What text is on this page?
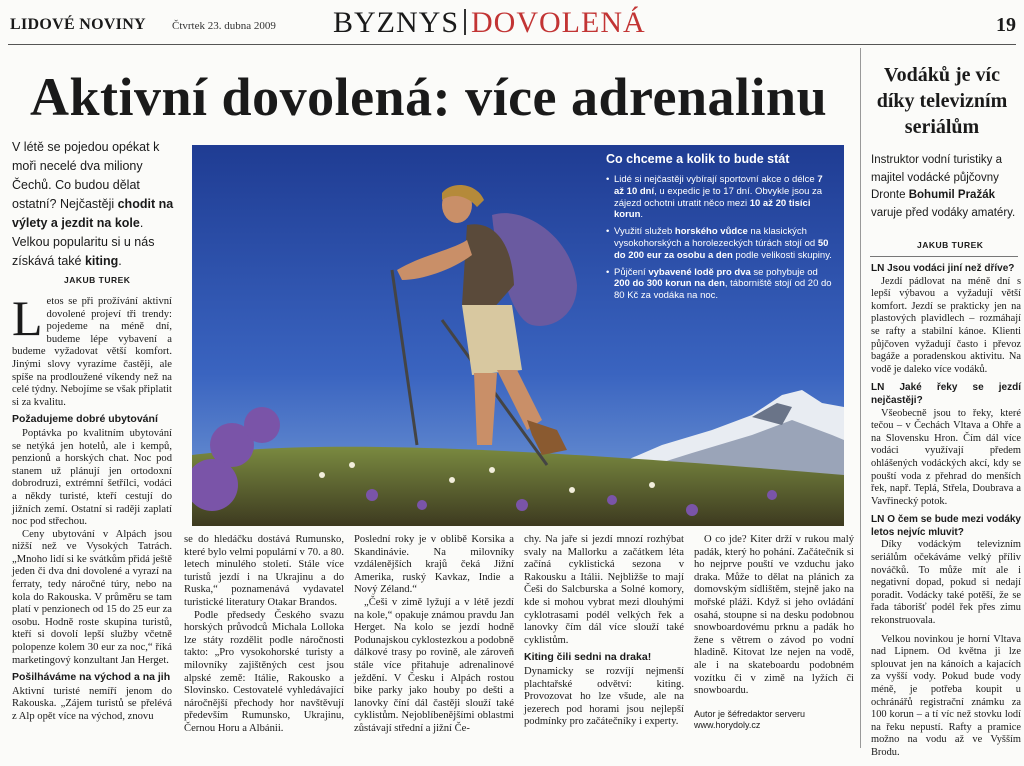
LIDOVÉ NOVINY Čtvrtek 23. dubna 2009 BYZNYS DOVOLENÁ	19
Aktivní dovolená: více adrenalinu
V létě se pojedou opékat k moři necelé dva miliony Čechů. Co budou dělat ostatní? Nejčastěji chodit na výlety a jezdit na kole. Velkou popularitu si u nás získává také kiting.
JAKUB TUREK

Letos se při prožívání aktivní dovolené projeví tři trendy: pojedeme na méně dní, budeme lépe vybavení a budeme vyžadovat větší komfort. Jinými slovy vyrazíme častěji, ale spíše na prodloužené víkendy než na celé týdny. Nebojíme se však připlatit si za kvalitu.

Požadujeme dobré ubytování

Poptávka po kvalitním ubytování se netýká jen hotelů, ale i kempů, penzionů a horských chat. Noc pod stanem už plánují jen ortodoxní dobrodruzi, extrémní šetřílci, vodáci a někdy turisté, kteří cestují do jižních zemí. Ostatní si raději zaplatí noc pod střechou.

Ceny ubytování v Alpách jsou nižší než ve Vysokých Tatrách. „Mnoho lidí si ke svátkům přidá ještě jeden či dva dni dovolené a vyrazí na ferraty, tedy náročné túry, nebo na kola do Rakouska. V průměru se tam platí v penzionech od 15 do 25 eur za osobu. Hodně roste skupina turistů, kteří si dovolí lepší služby včetně polopenze kolem 30 eur za noc,“ říká marketingový konzultant Jan Herget.

Pošilháváme na východ a na jih

Aktivní turisté nemíří jenom do Rakouska. „Zájem turistů se přelévá z Alp opět více na východ, znovu

Co chceme a kolik to bude stát
• Lidé si nejčastěji vybírají sportovní akce o délce 7 až 10 dní, u expedic je to 17 dní. Obvykle jsou za zájezd ochotni utratit něco mezi 10 až 20 tisíci korun.
• Využití služeb horského vůdce na klasických vysokohorských a horolezeckých túrách stojí od 50 do 200 eur za osobu a den podle velikosti skupiny.
• Půjčení vybavené lodě pro dva se pohybuje od 200 do 300 korun na den, táborniště stojí od 20 do 80 Kč za vodáka na noc.

se do hledáčku dostává Rumunsko, které bylo velmi populární v 70. a 80. letech minulého století. Stále více turistů jezdí i na Ukrajinu a do Ruska,“ poznamenává vydavatel turistické literatury Otakar Brandos.

Podle předsedy Českého svazu horských průvodců Michala Lollokа lze státy rozdělit podle náročnosti takto: „Pro vysokohorské turisty a milovníky zajištěných cest jsou alpské země: Itálie, Rakousko a Slovinsko. Cestovatelé vyhledávající náročnější přechody hor navštěvují především Rumunsko, Ukrajinu, Černou Horu a Albánii.

Poslední roky je v oblibě Korsika a Skandinávie. Na milovníky vzdálenějších krajů čeká Jižní Amerika, ruský Kavkaz, Indie a Nový Zéland.“

„Češi v zimě lyžují a v létě jezdí na kole,“ opakuje známou pravdu Jan Herget. Na kolo se jezdí hodně Podunajskou cyklostezkou a podobně dálkové trasy po rovině, ale zároveň stále více přitahuje adrenalinové ježdění. V Česku i Alpách rostou bike parky jako houby po dešti a lanovky číní dál častěji slouží také cyklistům. Nejoblíbenějšími oblastmi zůstávají střední a jižní Če-

chy. Na jaře si jezdí mnozí rozhýbat svaly na Mallorku a začátkem léta začíná cyklistická sezona v Rakousku a Itálii. Nejbližše to mají Češi do Salcburska a Solné komory, kde si mohou vybrat mezi dlouhými cyklotrasami podél velkých řek a lanovky čím dál více slouží také cyklistům.

Kiting čili sedni na draka!

Dynamicky se rozvíjí nejmenší plachtařské odvětví: kiting. Provozovat ho lze všude, ale na jezerech pod horami jsou nejlepší podmínky pro začátečníky i experty.

O co jde? Kiter drží v rukou malý padák, který ho pohání. Začátečník si ho nejprve pouští ve vzduchu jako draka. Může to dělat na plánich za domovským sídlištěm, stejně jako na mořské pláži. Když si jeho ovládání osahá, stoupne si na desku podobnou snowboardovému prknu a padák ho žene s větrem o závod po vodní hladině. Kitovat lze nejen na vodě, ale i na skateboardu podobném vozítku či v zimě na lyžích či snowboardu.

Autor je šéfredaktor serveru
www.horydoly.cz
Vodáků je víc díky televizním seriálům
Instruktor vodní turistiky a majitel vodácké půjčovny Dronte Bohumil Pražák varuje před vodáky amatéry.
JAKUB TUREK

LN Jsou vodáci jiní než dříve?

Jezdí pádlovat na méně dní s lepší výbavou a vyžadují větší komfort. Jezdí se prakticky jen na plastových plavidlech – rozmáhají se rafty a stabilní kánoe. Klienti půjčoven vyžadují často i převoz bagáže a poradenskou aktivitu. Na vodě je daleko více vodáků.

LN Jaké řeky se jezdí nejčastěji?

Všeobecně jsou to řeky, které tečou – v Čechách Vltava a Ohře a na Slovensku Hron. Čím dál více vodáci využívají předem ohlášených vodáckých akcí, kdy se pouští voda z přehrad do menších řek, např. Teplá, Střela, Doubrava a Vavřinecký potok.

LN O čem se bude mezi vodáky letos nejvíc mluvit?

Díky vodáckým televizním seriálům očekáváme velký příliv nováčků. To může mít ale i negativní dopad, pokud si nedají poradit. Vodácky také potěší, že se řada táborišť podél řek přes zimu rekonstruovala.

Velkou novinkou je horní Vltava nad Lipnem. Od května ji lze splouvat jen na kánoích a kajacích za vyšší vody. Pokud bude vody méně, je potřeba koupit u ochránářů registrační známku za 100 korun – a tí víc než stovku lodí na řeku nepustí. Rafty a pramice možno na vodu až ve Vyšším Brodu.
